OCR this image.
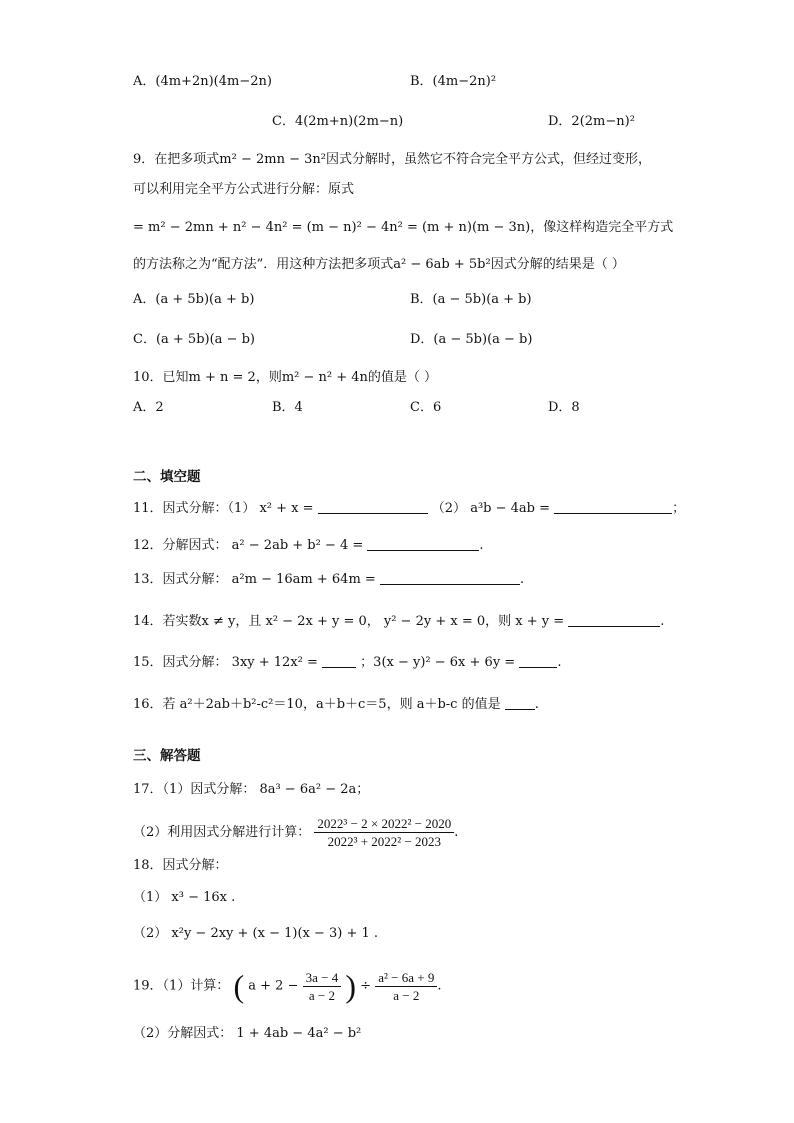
A．(4m+2n)(4m−2n)	B．(4m−2n)²
C．4(2m+n)(2m−n)	D．2(2m−n)²
9．在把多项式m² − 2mn − 3n²因式分解时，虽然它不符合完全平方公式，但经过变形，
可以利用完全平方公式进行分解：原式
= m² − 2mn + n² − 4n² = (m − n)² − 4n² = (m + n)(m − 3n)，像这样构造完全平方式
的方法称之为“配方法”．用这种方法把多项式a² − 6ab + 5b²因式分解的结果是（ ）
A．(a + 5b)(a + b)	B．(a − 5b)(a + b)
C．(a + 5b)(a − b)	D．(a − 5b)(a − b)
10．已知m + n = 2，则m² − n² + 4n的值是（ ）
A．2	B．4	C．6	D．8
二、填空题
11．因式分解：（1） x² + x =	（2） a³b − 4ab =	；
12．分解因式： a² − 2ab + b² − 4 =	.
13．因式分解： a²m − 16am + 64m =	.
14．若实数x ≠ y，且 x² − 2x + y = 0， y² − 2y + x = 0，则 x + y =	.
15．因式分解： 3xy + 12x² =	；3(x − y)² − 6x + 6y =	.
16．若 a²＋2ab＋b²-c²＝10，a＋b＋c＝5，则 a＋b-c 的值是	.
三、解答题
17．（1）因式分解： 8a³ − 6a² − 2a；
（2）利用因式分解进行计算： $\frac{\text{2022³ − 2 × 2022² − 2020}}{\text{2022³ + 2022² − 2023}}$ .
18．因式分解：
（1） x³ − 16x .
（2） x²y − 2xy + (x − 1)(x − 3) + 1 .
19．（1）计算： ( $a + 2 - \frac{3a - 4}{a - 2}$ ) ÷ $\frac{\text{a² − 6a + 9}}{a - 2}$ .
（2）分解因式： 1 + 4ab − 4a² − b²
